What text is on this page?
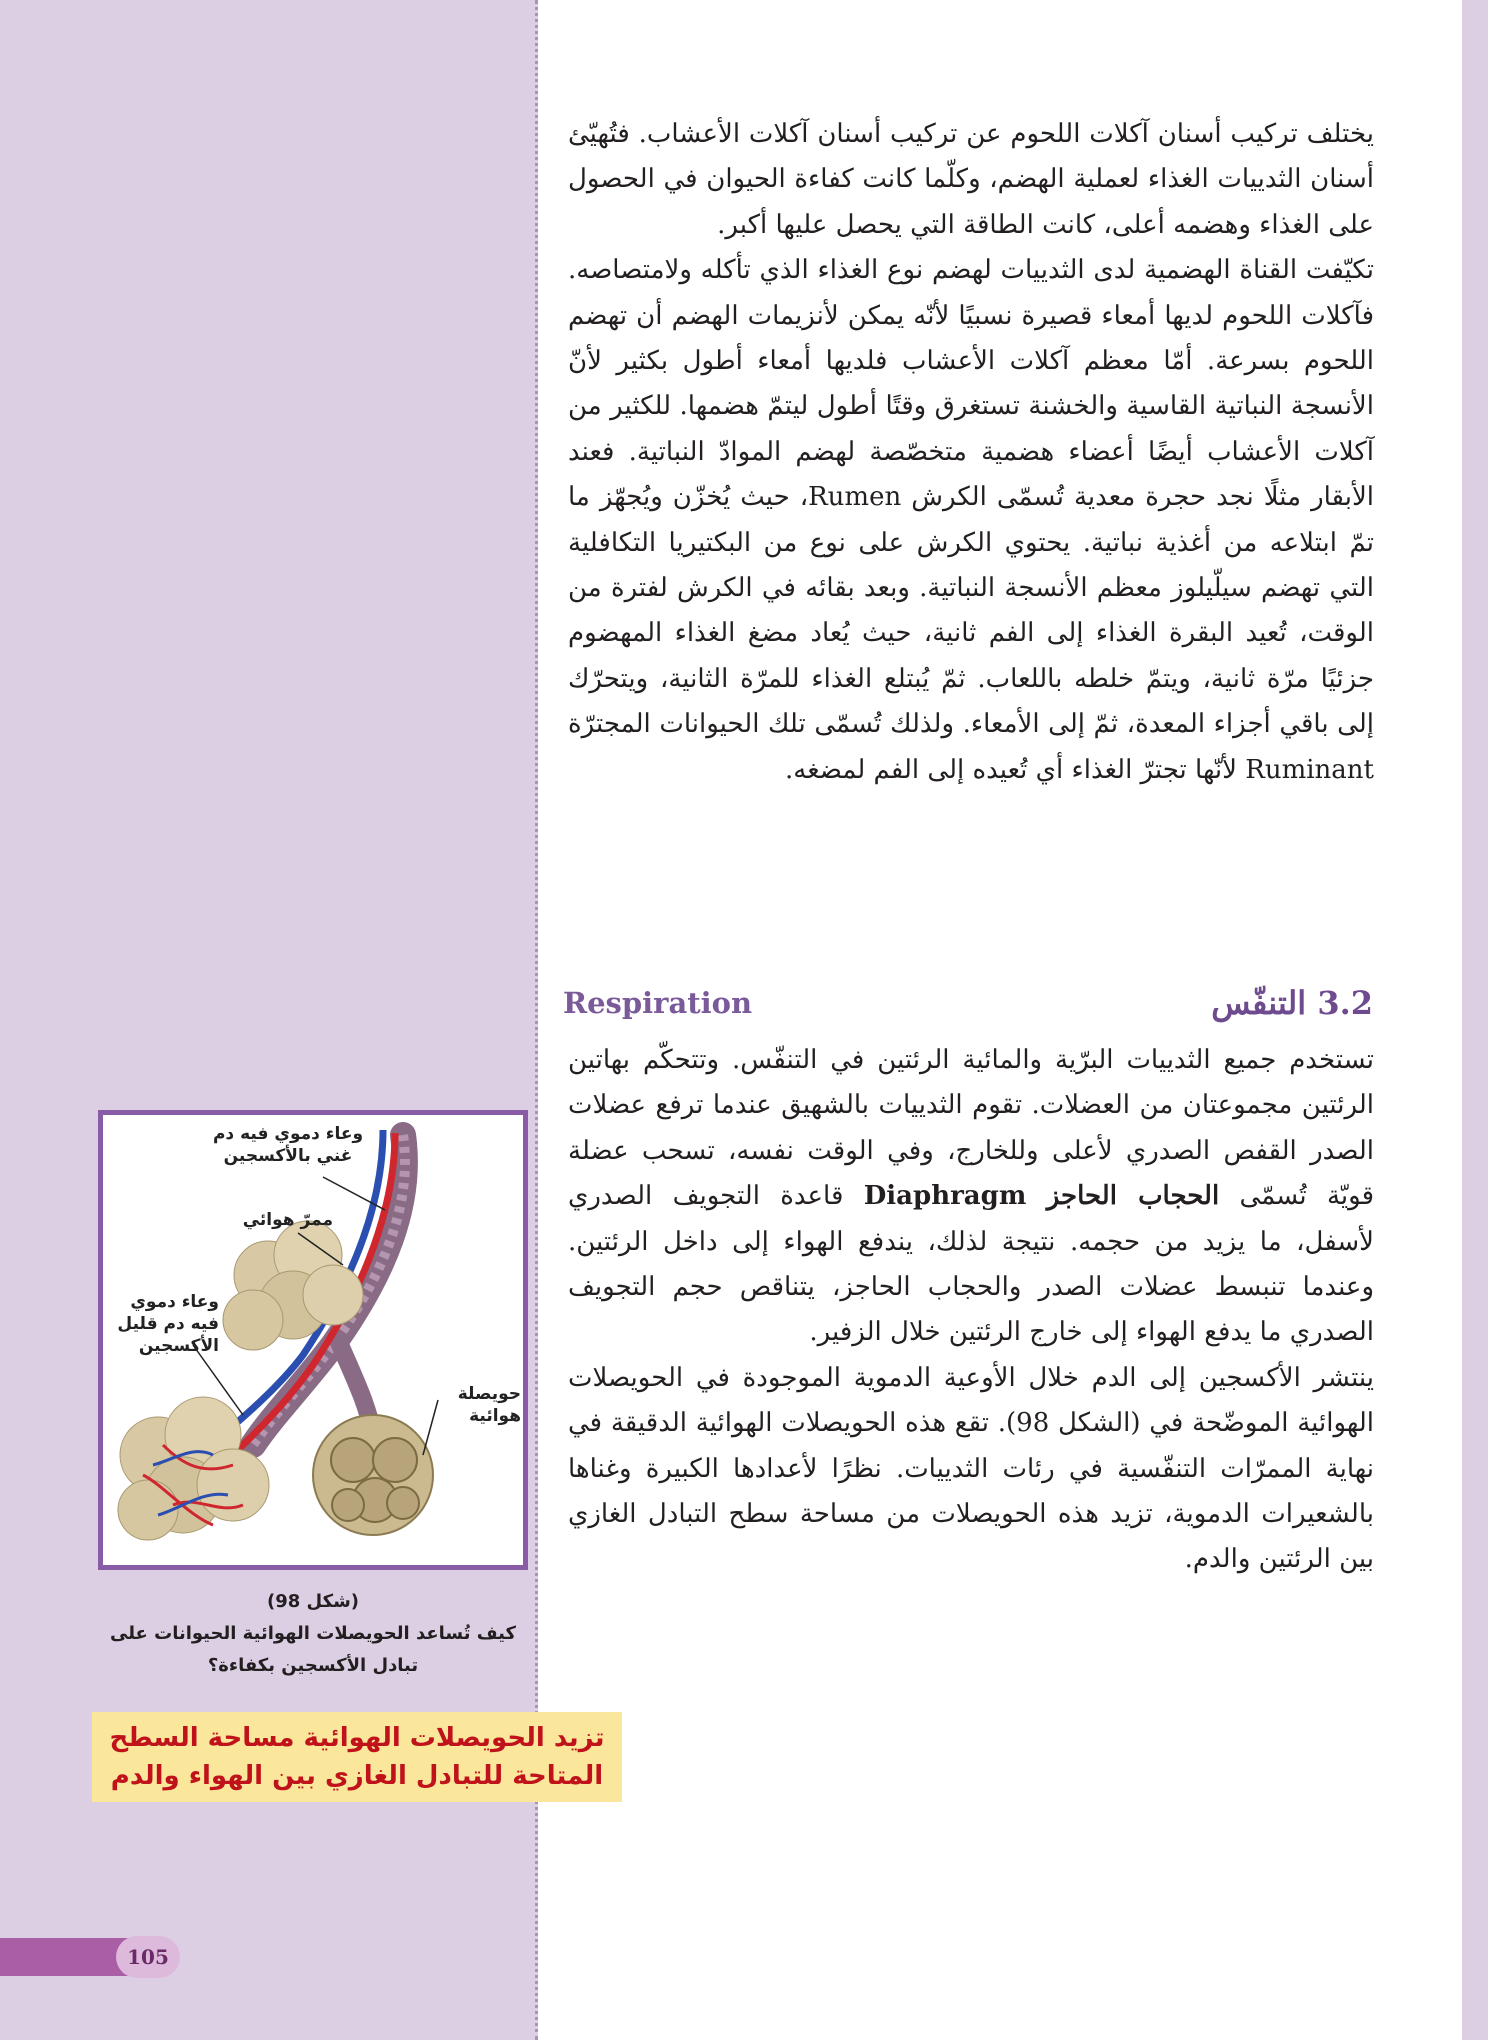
يختلف تركيب أسنان آكلات اللحوم عن تركيب أسنان آكلات الأعشاب. فتُهيّئ أسنان الثدييات الغذاء لعملية الهضم، وكلّما كانت كفاءة الحيوان في الحصول على الغذاء وهضمه أعلى، كانت الطاقة التي يحصل عليها أكبر.

تكيّفت القناة الهضمية لدى الثدييات لهضم نوع الغذاء الذي تأكله ولامتصاصه. فآكلات اللحوم لديها أمعاء قصيرة نسبيًا لأنّه يمكن لأنزيمات الهضم أن تهضم اللحوم بسرعة. أمّا معظم آكلات الأعشاب فلديها أمعاء أطول بكثير لأنّ الأنسجة النباتية القاسية والخشنة تستغرق وقتًا أطول ليتمّ هضمها. للكثير من آكلات الأعشاب أيضًا أعضاء هضمية متخصّصة لهضم الموادّ النباتية. فعند الأبقار مثلًا نجد حجرة معدية تُسمّى الكرش Rumen، حيث يُخزّن ويُجهّز ما تمّ ابتلاعه من أغذية نباتية. يحتوي الكرش على نوع من البكتيريا التكافلية التي تهضم سيلّيلوز معظم الأنسجة النباتية. وبعد بقائه في الكرش لفترة من الوقت، تُعيد البقرة الغذاء إلى الفم ثانية، حيث يُعاد مضغ الغذاء المهضوم جزئيًا مرّة ثانية، ويتمّ خلطه باللعاب. ثمّ يُبتلع الغذاء للمرّة الثانية، ويتحرّك إلى باقي أجزاء المعدة، ثمّ إلى الأمعاء. ولذلك تُسمّى تلك الحيوانات المجترّة Ruminant لأنّها تجترّ الغذاء أي تُعيده إلى الفم لمضغه.

3.2 التنفّس
Respiration

تستخدم جميع الثدييات البرّية والمائية الرئتين في التنفّس. وتتحكّم بهاتين الرئتين مجموعتان من العضلات. تقوم الثدييات بالشهيق عندما ترفع عضلات الصدر القفص الصدري لأعلى وللخارج، وفي الوقت نفسه، تسحب عضلة قويّة تُسمّى الحجاب الحاجز Diaphragm قاعدة التجويف الصدري لأسفل، ما يزيد من حجمه. نتيجة لذلك، يندفع الهواء إلى داخل الرئتين. وعندما تنبسط عضلات الصدر والحجاب الحاجز، يتناقص حجم التجويف الصدري ما يدفع الهواء إلى خارج الرئتين خلال الزفير.

ينتشر الأكسجين إلى الدم خلال الأوعية الدموية الموجودة في الحويصلات الهوائية الموضّحة في (الشكل 98). تقع هذه الحويصلات الهوائية الدقيقة في نهاية الممرّات التنفّسية في رئات الثدييات. نظرًا لأعدادها الكبيرة وغناها بالشعيرات الدموية، تزيد هذه الحويصلات من مساحة سطح التبادل الغازي بين الرئتين والدم.

وعاء دموي فيه دم
غني بالأكسجين
ممرّ هوائي
وعاء دموي
فيه دم قليل
الأكسجين
حويصلة هوائية
(شكل 98)
كيف تُساعد الحويصلات الهوائية الحيوانات على
تبادل الأكسجين بكفاءة؟
تزيد الحويصلات الهوائية مساحة السطح
المتاحة للتبادل الغازي بين الهواء والدم
105
